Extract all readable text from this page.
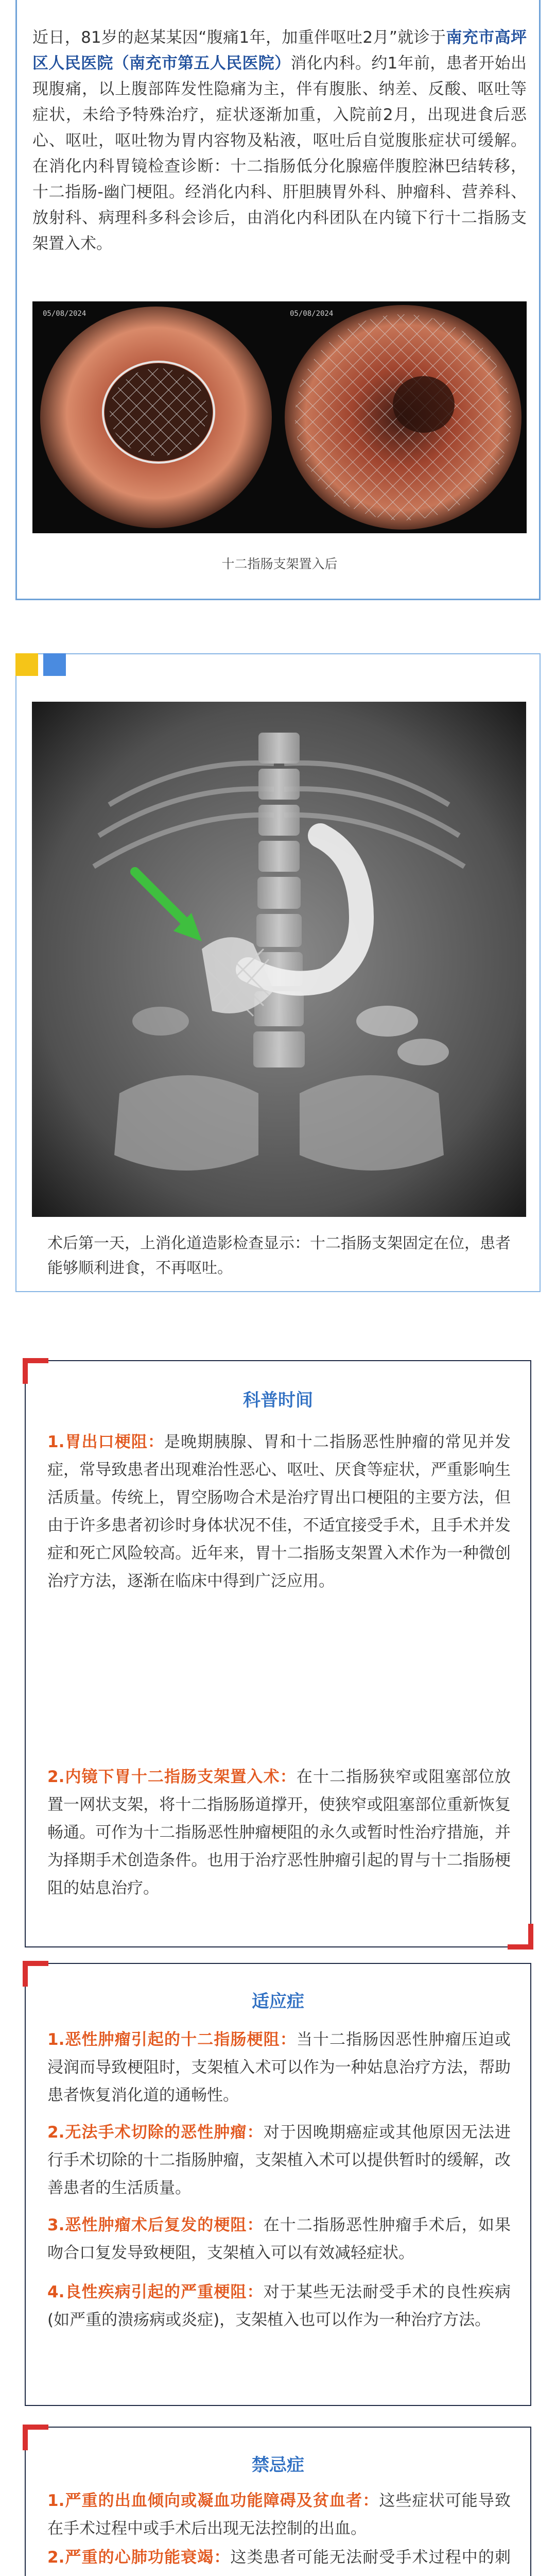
近日，81岁的赵某某因“腹痛1年，加重伴呕吐2月”就诊于南充市高坪区人民医院（南充市第五人民医院）消化内科。约1年前，患者开始出现腹痛，以上腹部阵发性隐痛为主，伴有腹胀、纳差、反酸、呕吐等症状，未给予特殊治疗，症状逐渐加重，入院前2月，出现进食后恶心、呕吐，呕吐物为胃内容物及粘液，呕吐后自觉腹胀症状可缓解。在消化内科胃镜检查诊断：十二指肠低分化腺癌伴腹腔淋巴结转移，十二指肠-幽门梗阻。经消化内科、肝胆胰胃外科、肿瘤科、营养科、放射科、病理科多科会诊后，由消化内科团队在内镜下行十二指肠支架置入术。

05/08/2024	05/08/2024
十二指肠支架置入后

术后第一天，上消化道造影检查显示：十二指肠支架固定在位，患者能够顺利进食，不再呕吐。

科普时间

1.胃出口梗阻：是晚期胰腺、胃和十二指肠恶性肿瘤的常见并发症，常导致患者出现难治性恶心、呕吐、厌食等症状，严重影响生活质量。传统上，胃空肠吻合术是治疗胃出口梗阻的主要方法，但由于许多患者初诊时身体状况不佳，不适宜接受手术，且手术并发症和死亡风险较高。近年来，胃十二指肠支架置入术作为一种微创治疗方法，逐渐在临床中得到广泛应用。

2.内镜下胃十二指肠支架置入术：在十二指肠狭窄或阻塞部位放置一网状支架，将十二指肠肠道撑开，使狭窄或阻塞部位重新恢复畅通。可作为十二指肠恶性肿瘤梗阻的永久或暂时性治疗措施，并为择期手术创造条件。也用于治疗恶性肿瘤引起的胃与十二指肠梗阻的姑息治疗。

适应症

1.恶性肿瘤引起的十二指肠梗阻：当十二指肠因恶性肿瘤压迫或浸润而导致梗阻时，支架植入术可以作为一种姑息治疗方法，帮助患者恢复消化道的通畅性。

2.无法手术切除的恶性肿瘤：对于因晚期癌症或其他原因无法进行手术切除的十二指肠肿瘤，支架植入术可以提供暂时的缓解，改善患者的生活质量。

3.恶性肿瘤术后复发的梗阻：在十二指肠恶性肿瘤手术后，如果吻合口复发导致梗阻，支架植入可以有效减轻症状。

4.良性疾病引起的严重梗阻：对于某些无法耐受手术的良性疾病(如严重的溃疡病或炎症)，支架植入也可以作为一种治疗方法。

禁忌症

1.严重的出血倾向或凝血功能障碍及贫血者：这些症状可能导致在手术过程中或手术后出现无法控制的出血。

2.严重的心肺功能衰竭：这类患者可能无法耐受手术过程中的刺
